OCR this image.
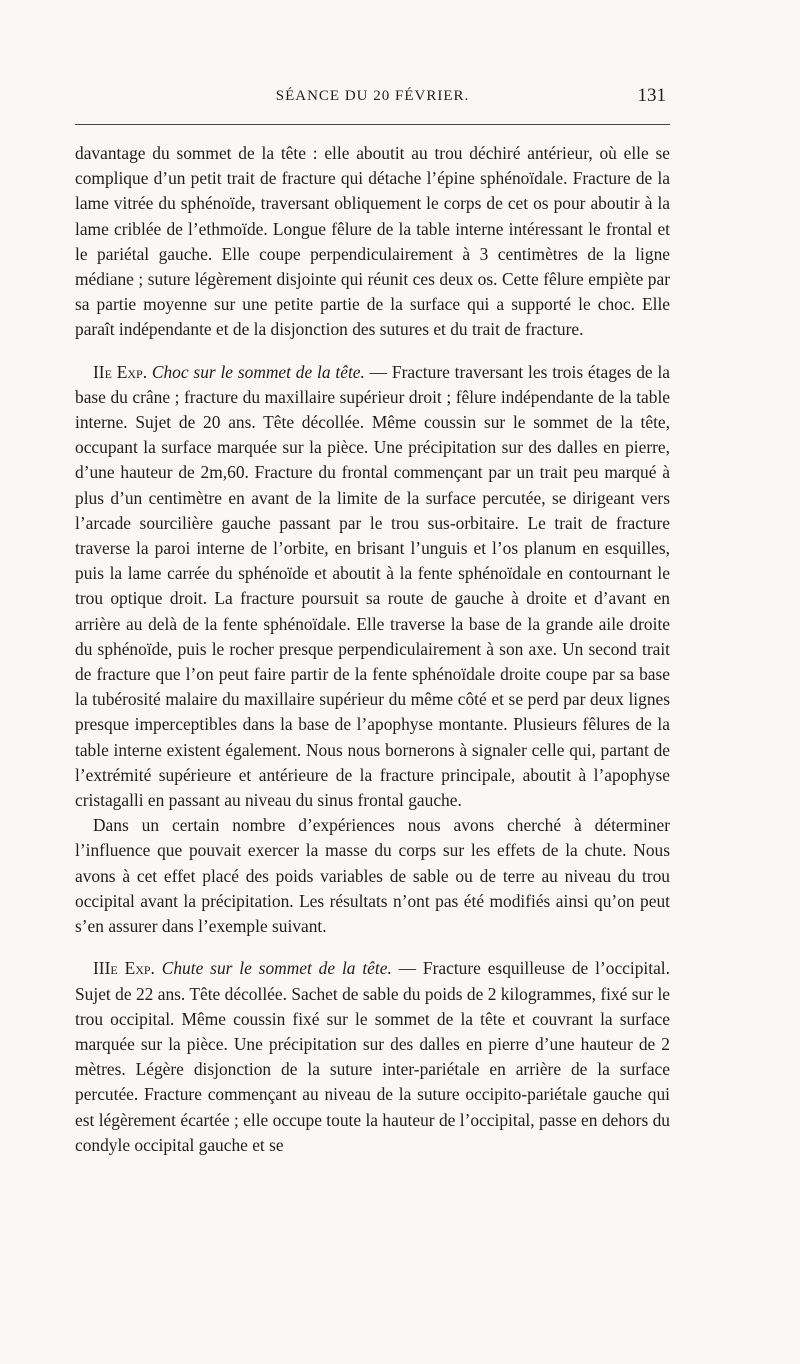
SÉANCE DU 20 FÉVRIER.	131

davantage du sommet de la tête : elle aboutit au trou déchiré antérieur, où elle se complique d’un petit trait de fracture qui détache l’épine sphénoïdale. Fracture de la lame vitrée du sphénoïde, traversant obliquement le corps de cet os pour aboutir à la lame criblée de l’ethmoïde. Longue fêlure de la table interne intéressant le frontal et le pariétal gauche. Elle coupe perpendiculairement à 3 centimètres de la ligne médiane ; suture légèrement disjointe qui réunit ces deux os. Cette fêlure empiète par sa partie moyenne sur une petite partie de la surface qui a supporté le choc. Elle paraît indépendante et de la disjonction des sutures et du trait de fracture.

IIe Exp. Choc sur le sommet de la tête. — Fracture traversant les trois étages de la base du crâne ; fracture du maxillaire supérieur droit ; fêlure indépendante de la table interne. Sujet de 20 ans. Tête décollée. Même coussin sur le sommet de la tête, occupant la surface marquée sur la pièce. Une précipitation sur des dalles en pierre, d’une hauteur de 2m,60. Fracture du frontal commençant par un trait peu marqué à plus d’un centimètre en avant de la limite de la surface percutée, se dirigeant vers l’arcade sourcilière gauche passant par le trou sus-orbitaire. Le trait de fracture traverse la paroi interne de l’orbite, en brisant l’unguis et l’os planum en esquilles, puis la lame carrée du sphénoïde et aboutit à la fente sphénoïdale en contournant le trou optique droit. La fracture poursuit sa route de gauche à droite et d’avant en arrière au delà de la fente sphénoïdale. Elle traverse la base de la grande aile droite du sphénoïde, puis le rocher presque perpendiculairement à son axe. Un second trait de fracture que l’on peut faire partir de la fente sphénoïdale droite coupe par sa base la tubérosité malaire du maxillaire supérieur du même côté et se perd par deux lignes presque imperceptibles dans la base de l’apophyse montante. Plusieurs fêlures de la table interne existent également. Nous nous bornerons à signaler celle qui, partant de l’extrémité supérieure et antérieure de la fracture principale, aboutit à l’apophyse cristagalli en passant au niveau du sinus frontal gauche.

Dans un certain nombre d’expériences nous avons cherché à déterminer l’influence que pouvait exercer la masse du corps sur les effets de la chute. Nous avons à cet effet placé des poids variables de sable ou de terre au niveau du trou occipital avant la précipitation. Les résultats n’ont pas été modifiés ainsi qu’on peut s’en assurer dans l’exemple suivant.

IIIe Exp. Chute sur le sommet de la tête. — Fracture esquilleuse de l’occipital. Sujet de 22 ans. Tête décollée. Sachet de sable du poids de 2 kilogrammes, fixé sur le trou occipital. Même coussin fixé sur le sommet de la tête et couvrant la surface marquée sur la pièce. Une précipitation sur des dalles en pierre d’une hauteur de 2 mètres. Légère disjonction de la suture inter-pariétale en arrière de la surface percutée. Fracture commençant au niveau de la suture occipito-pariétale gauche qui est légèrement écartée ; elle occupe toute la hauteur de l’occipital, passe en dehors du condyle occipital gauche et se
